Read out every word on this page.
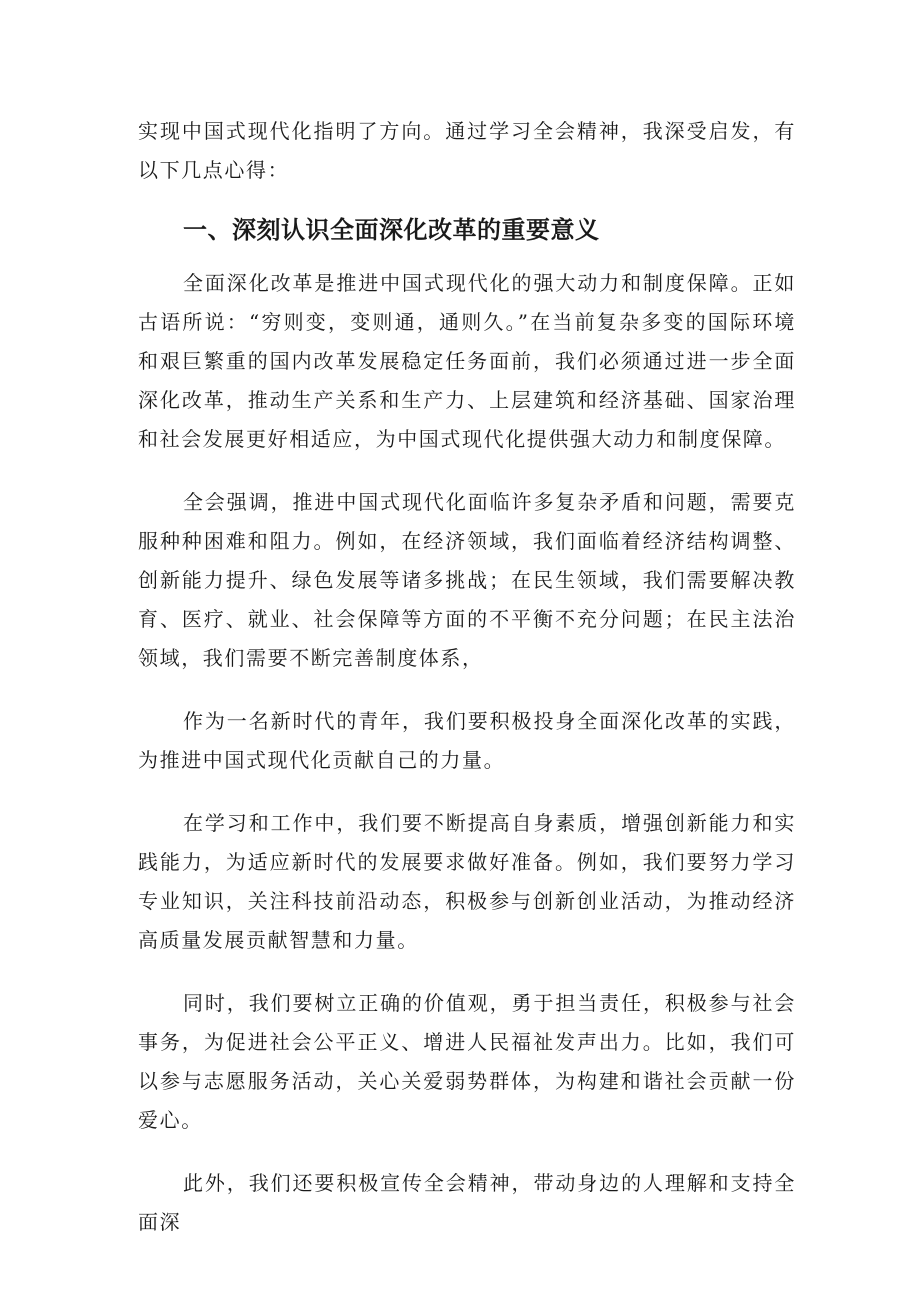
实现中国式现代化指明了方向。通过学习全会精神，我深受启发，有以下几点心得：

一、深刻认识全面深化改革的重要意义

全面深化改革是推进中国式现代化的强大动力和制度保障。正如古语所说：“穷则变，变则通，通则久。”在当前复杂多变的国际环境和艰巨繁重的国内改革发展稳定任务面前，我们必须通过进一步全面深化改革，推动生产关系和生产力、上层建筑和经济基础、国家治理和社会发展更好相适应，为中国式现代化提供强大动力和制度保障。

全会强调，推进中国式现代化面临许多复杂矛盾和问题，需要克服种种困难和阻力。例如，在经济领域，我们面临着经济结构调整、创新能力提升、绿色发展等诸多挑战；在民生领域，我们需要解决教育、医疗、就业、社会保障等方面的不平衡不充分问题；在民主法治领域，我们需要不断完善制度体系，

作为一名新时代的青年，我们要积极投身全面深化改革的实践，为推进中国式现代化贡献自己的力量。

在学习和工作中，我们要不断提高自身素质，增强创新能力和实践能力，为适应新时代的发展要求做好准备。例如，我们要努力学习专业知识，关注科技前沿动态，积极参与创新创业活动，为推动经济高质量发展贡献智慧和力量。

同时，我们要树立正确的价值观，勇于担当责任，积极参与社会事务，为促进社会公平正义、增进人民福祉发声出力。比如，我们可以参与志愿服务活动，关心关爱弱势群体，为构建和谐社会贡献一份爱心。

此外，我们还要积极宣传全会精神，带动身边的人理解和支持全面深
